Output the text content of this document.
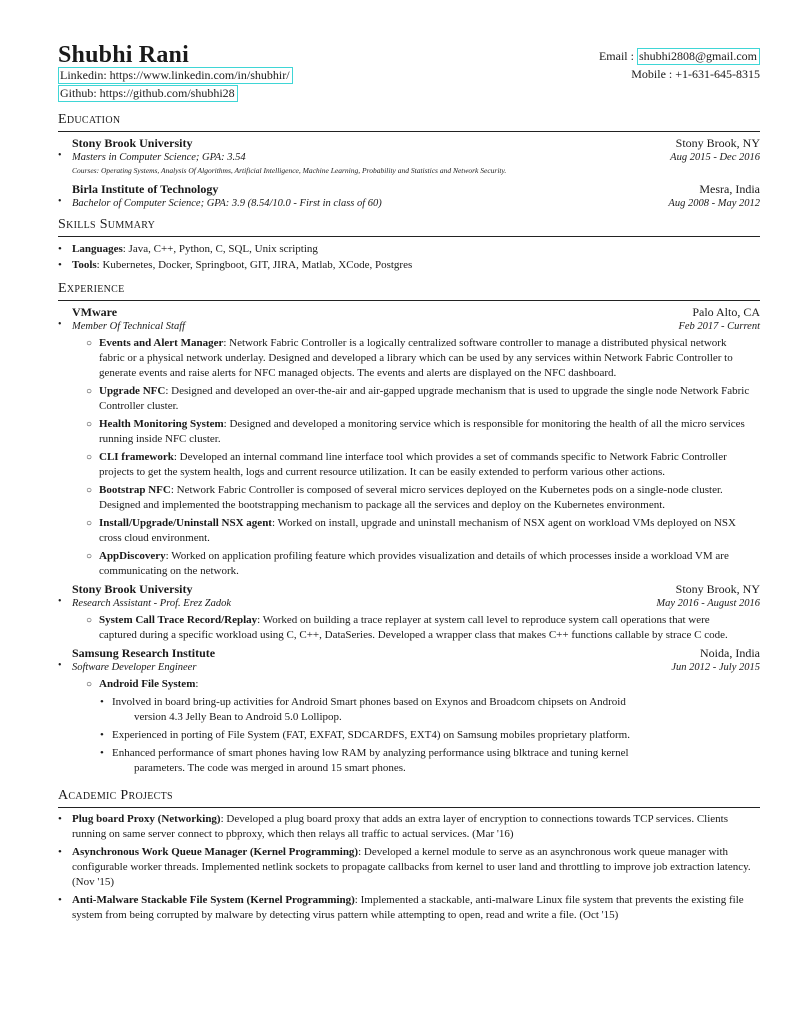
Shubhi Rani
Linkedin: https://www.linkedin.com/in/shubhir/
Github: https://github.com/shubhi28
Email : shubhi2808@gmail.com
Mobile : +1-631-645-8315
Education
•
Stony Brook University	Stony Brook, NY
Masters in Computer Science; GPA: 3.54	Aug 2015 - Dec 2016
Courses: Operating Systems, Analysis Of Algorithms, Artificial Intelligence, Machine Learning, Probability and Statistics and Network Security.
•
Birla Institute of Technology	Mesra, India
Bachelor of Computer Science; GPA: 3.9 (8.54/10.0 - First in class of 60)	Aug 2008 - May 2012
Skills Summary
• Languages: Java, C++, Python, C, SQL, Unix scripting
• Tools: Kubernetes, Docker, Springboot, GIT, JIRA, Matlab, XCode, Postgres
Experience
•
VMware	Palo Alto, CA
Member Of Technical Staff	Feb 2017 - Current
○ Events and Alert Manager: Network Fabric Controller is a logically centralized software controller to manage a distributed physical network fabric or a physical network underlay. Designed and developed a library which can be used by any services within Network Fabric Controller to generate events and raise alerts for NFC managed objects. The events and alerts are displayed on the NFC dashboard.
○ Upgrade NFC: Designed and developed an over-the-air and air-gapped upgrade mechanism that is used to upgrade the single node Network Fabric Controller cluster.
○ Health Monitoring System: Designed and developed a monitoring service which is responsible for monitoring the health of all the micro services running inside NFC cluster.
○ CLI framework: Developed an internal command line interface tool which provides a set of commands specific to Network Fabric Controller projects to get the system health, logs and current resource utilization. It can be easily extended to perform various other actions.
○ Bootstrap NFC: Network Fabric Controller is composed of several micro services deployed on the Kubernetes pods on a single-node cluster. Designed and implemented the bootstrapping mechanism to package all the services and deploy on the Kubernetes environment.
○ Install/Upgrade/Uninstall NSX agent: Worked on install, upgrade and uninstall mechanism of NSX agent on workload VMs deployed on NSX cross cloud environment.
○ AppDiscovery: Worked on application profiling feature which provides visualization and details of which processes inside a workload VM are communicating on the network.
•
Stony Brook University	Stony Brook, NY
Research Assistant - Prof. Erez Zadok	May 2016 - August 2016
○ System Call Trace Record/Replay: Worked on building a trace replayer at system call level to reproduce system call operations that were captured during a specific workload using C, C++, DataSeries. Developed a wrapper class that makes C++ functions callable by strace C code.
•
Samsung Research Institute	Noida, India
Software Developer Engineer	Jun 2012 - July 2015
○ Android File System:
• Involved in board bring-up activities for Android Smart phones based on Exynos and Broadcom chipsets on Android
version 4.3 Jelly Bean to Android 5.0 Lollipop.
• Experienced in porting of File System (FAT, EXFAT, SDCARDFS, EXT4) on Samsung mobiles proprietary platform.
• Enhanced performance of smart phones having low RAM by analyzing performance using blktrace and tuning kernel
parameters. The code was merged in around 15 smart phones.
Academic Projects
• Plug board Proxy (Networking): Developed a plug board proxy that adds an extra layer of encryption to connections towards TCP services. Clients running on same server connect to pbproxy, which then relays all traffic to actual services. (Mar '16)
• Asynchronous Work Queue Manager (Kernel Programming): Developed a kernel module to serve as an asynchronous work queue manager with configurable worker threads. Implemented netlink sockets to propagate callbacks from kernel to user land and throttling to improve job extraction latency. (Nov '15)
• Anti-Malware Stackable File System (Kernel Programming): Implemented a stackable, anti-malware Linux file system that prevents the existing file system from being corrupted by malware by detecting virus pattern while attempting to open, read and write a file. (Oct '15)
